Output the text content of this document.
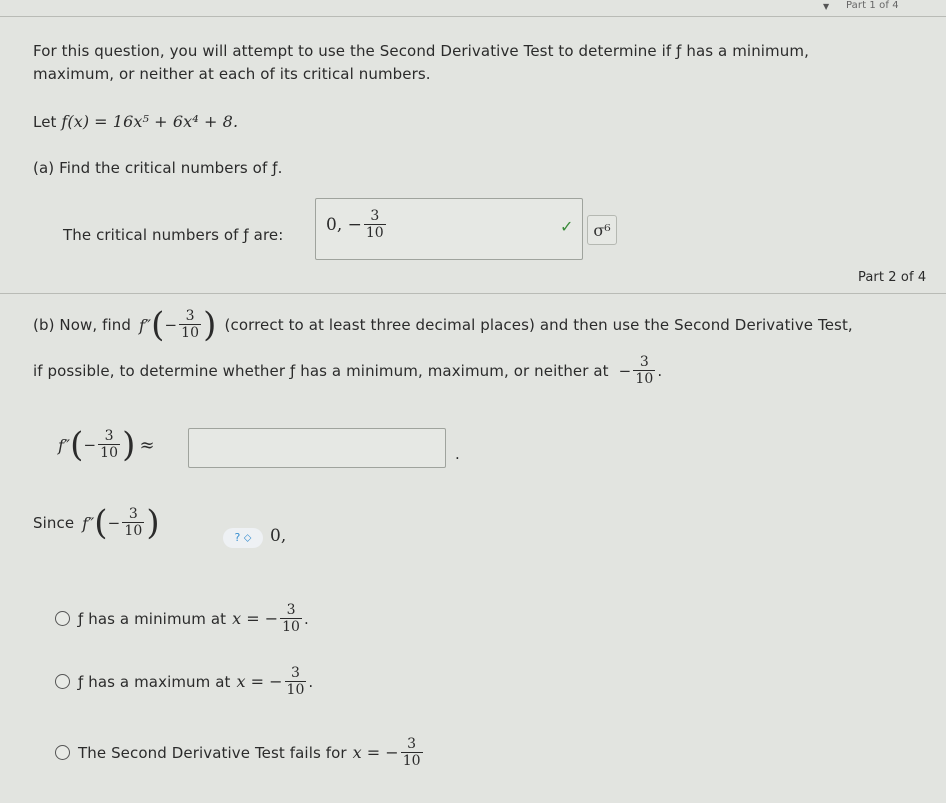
Part 1 of 4
▼
For this question, you will attempt to use the Second Derivative Test to determine if ƒ has a minimum,
maximum, or neither at each of its critical numbers.
Let f(x) = 16x⁵ + 6x⁴ + 8.
(a) Find the critical numbers of ƒ.
The critical numbers of ƒ are:
0, − $\frac{3}{10}$	✓	σ⁶
Part 2 of 4
(b) Now, find f″ ( − $\frac{3}{10}$ ) (correct to at least three decimal places) and then use the Second Derivative Test,
if possible, to determine whether ƒ has a minimum, maximum, or neither at − $\frac{3}{10}$ .
f″ ( − $\frac{3}{10}$ ) ≈	.
Since f″ ( − $\frac{3}{10}$ )	? ⬦	0,
ƒ has a minimum at x = − $\frac{3}{10}$ .
ƒ has a maximum at x = − $\frac{3}{10}$ .
The Second Derivative Test fails for x = − $\frac{3}{10}$
